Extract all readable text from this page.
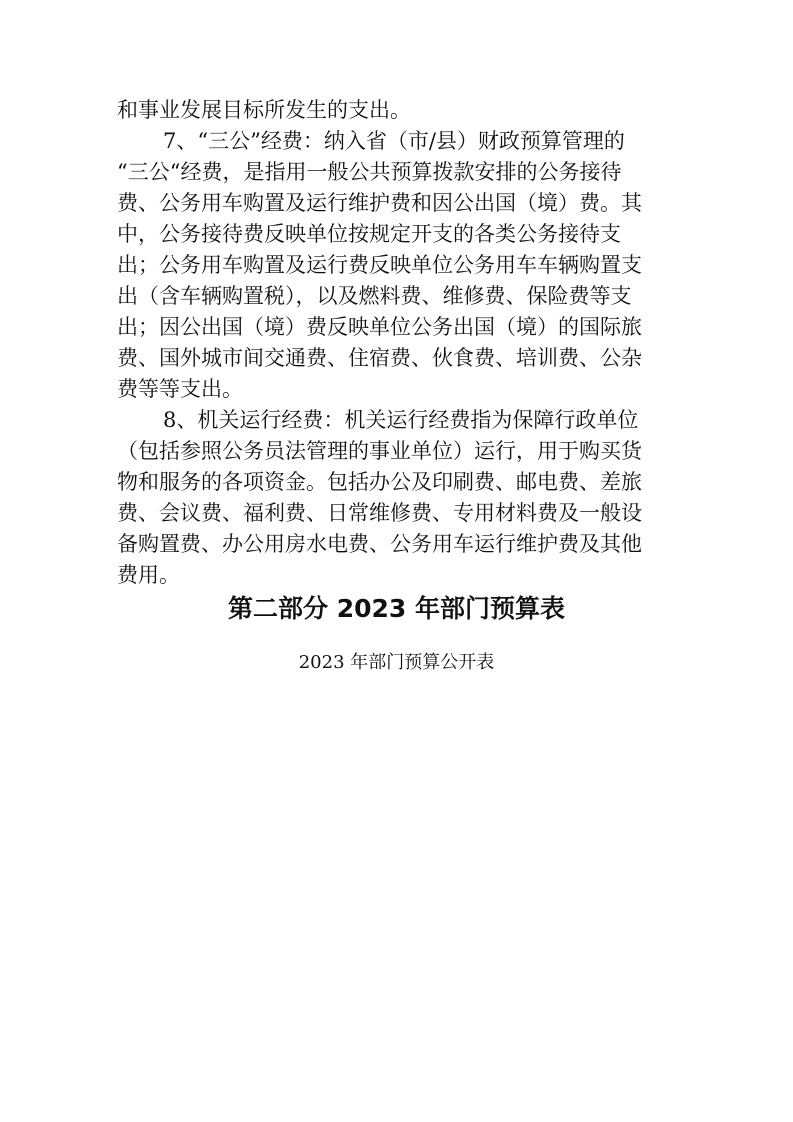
和事业发展目标所发生的支出。
7、“三公”经费：纳入省（市/县）财政预算管理的
“三公“经费，是指用一般公共预算拨款安排的公务接待
费、公务用车购置及运行维护费和因公出国（境）费。其
中，公务接待费反映单位按规定开支的各类公务接待支
出；公务用车购置及运行费反映单位公务用车车辆购置支
出（含车辆购置税），以及燃料费、维修费、保险费等支
出；因公出国（境）费反映单位公务出国（境）的国际旅
费、国外城市间交通费、住宿费、伙食费、培训费、公杂
费等等支出。
8、机关运行经费：机关运行经费指为保障行政单位
（包括参照公务员法管理的事业单位）运行，用于购买货
物和服务的各项资金。包括办公及印刷费、邮电费、差旅
费、会议费、福利费、日常维修费、专用材料费及一般设
备购置费、办公用房水电费、公务用车运行维护费及其他
费用。
第二部分 2023 年部门预算表
2023 年部门预算公开表
